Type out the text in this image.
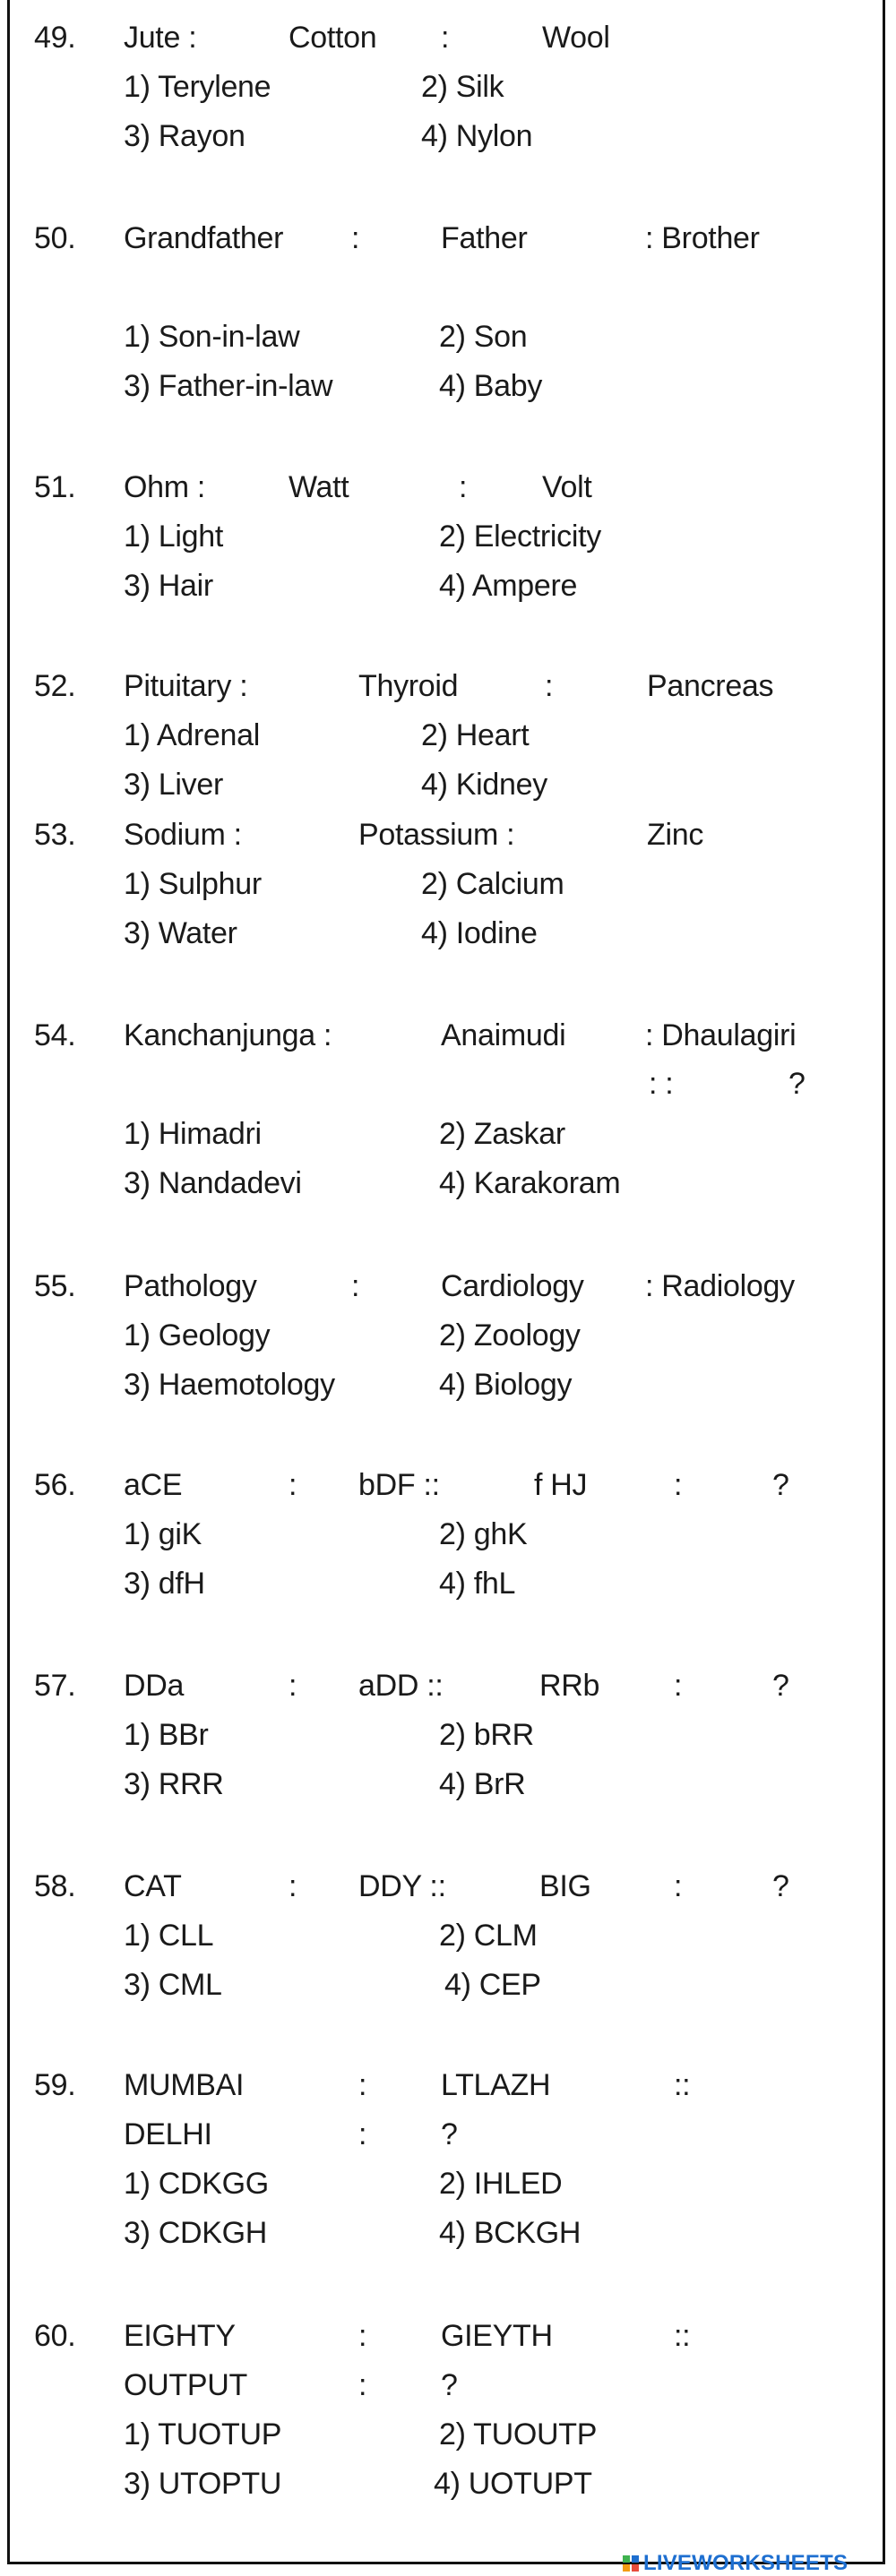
49. Jute :	Cotton :	Wool
1) Terylene	2) Silk
3) Rayon	4) Nylon
50. Grandfather :	Father	: Brother
1) Son-in-law	2) Son
3) Father-in-law	4) Baby
51. Ohm :	Watt	: Volt
1) Light	2) Electricity
3) Hair	4) Ampere
52. Pituitary :	Thyroid	:	Pancreas
1) Adrenal	2) Heart
3) Liver	4) Kidney
53. Sodium :	Potassium :	Zinc
1) Sulphur	2) Calcium
3) Water	4) Iodine
54. Kanchanjunga :	Anaimudi	: Dhaulagiri
: :	?
1) Himadri	2) Zaskar
3) Nandadevi	4) Karakoram
55. Pathology	:	Cardiology : Radiology
1) Geology	2) Zoology
3) Haemotology	4) Biology
56. aCE	: bDF ::	f HJ	:	?
1) giK	2) ghK
3) dfH	4) fhL
57. DDa	: aDD ::	RRb :	?
1) BBr	2) bRR
3) RRR	4) BrR
58. CAT	: DDY ::	BIG	:	?
1) CLL	2) CLM
3) CML	4) CEP
59. MUMBAI	: LTLAZH	::
DELHI	: ?
1) CDKGG	2) IHLED
3) CDKGH	4) BCKGH
60. EIGHTY	: GIEYTH	::
OUTPUT	: ?
1) TUOTUP	2) TUOUTP
3) UTOPTU	4) UOTUPT
LIVEWORKSHEETS
